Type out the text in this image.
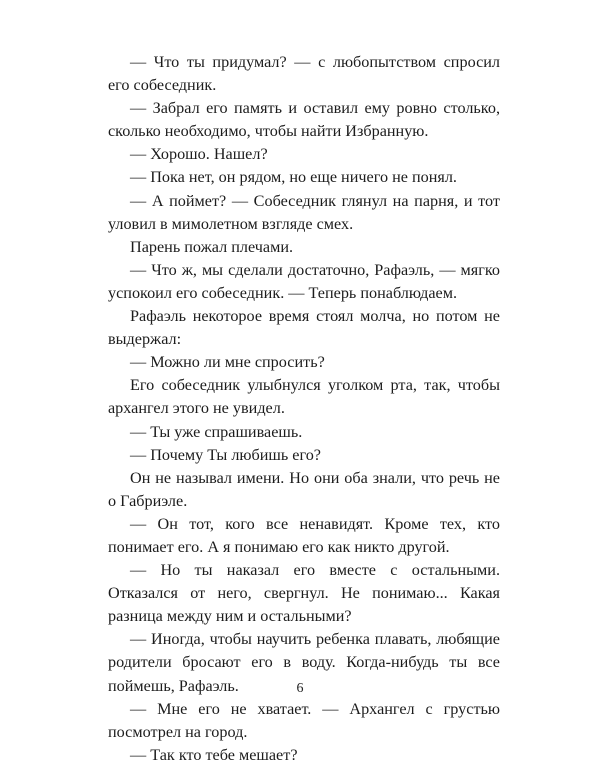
— Что ты придумал? — с любопытством спросил его собеседник.

— Забрал его память и оставил ему ровно столько, сколько необходимо, чтобы найти Избранную.

— Хорошо. Нашел?

— Пока нет, он рядом, но еще ничего не понял.

— А поймет? — Собеседник глянул на парня, и тот уловил в мимолетном взгляде смех.

Парень пожал плечами.

— Что ж, мы сделали достаточно, Рафаэль, — мягко успокоил его собеседник. — Теперь понаблюдаем.

Рафаэль некоторое время стоял молча, но потом не выдержал:

— Можно ли мне спросить?

Его собеседник улыбнулся уголком рта, так, чтобы архангел этого не увидел.

— Ты уже спрашиваешь.

— Почему Ты любишь его?

Он не называл имени. Но они оба знали, что речь не о Габриэле.

— Он тот, кого все ненавидят. Кроме тех, кто понимает его. А я понимаю его как никто другой.

— Но ты наказал его вместе с остальными. Отказался от него, свергнул. Не понимаю... Какая разница между ним и остальными?

— Иногда, чтобы научить ребенка плавать, любящие родители бросают его в воду. Когда-нибудь ты все поймешь, Рафаэль.

— Мне его не хватает. — Архангел с грустью посмотрел на город.

— Так кто тебе мешает?

6
